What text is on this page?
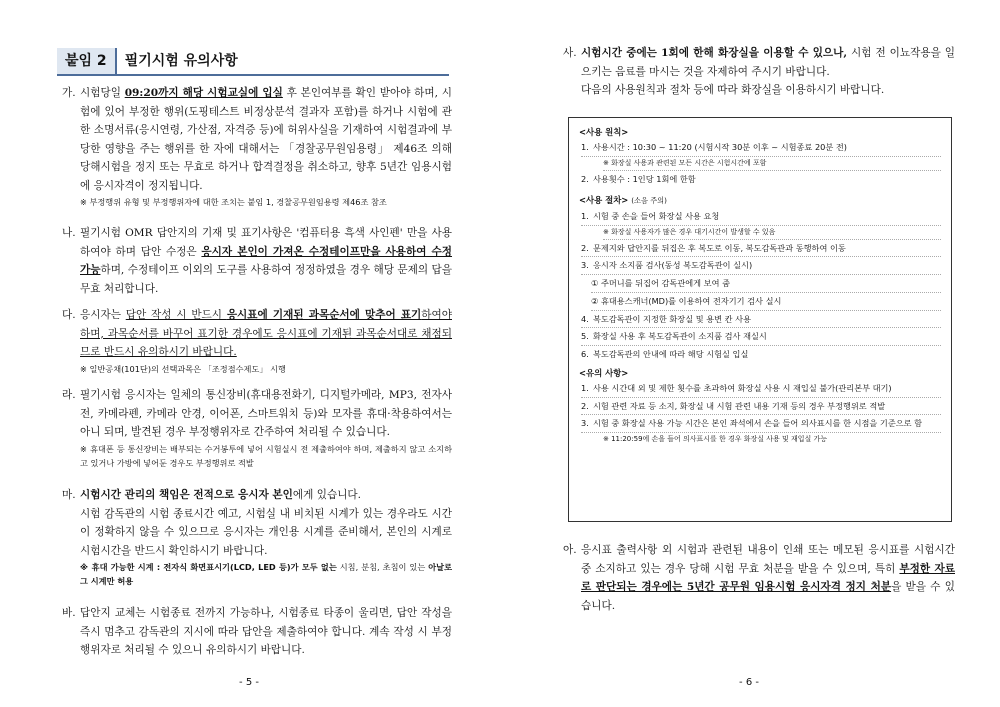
붙임 2	필기시험 유의사항
가. 시험당일 09:20까지 해당 시험교실에 입실 후 본인여부를 확인 받아야 하며, 시험에 있어 부정한 행위(도핑테스트 비정상분석 결과자 포함)를 하거나 시험에 관한 소명서류(응시연령, 가산점, 자격증 등)에 허위사실을 기재하여 시험결과에 부당한 영향을 주는 행위를 한 자에 대해서는 「경찰공무원임용령」 제46조 의해 당해시험을 정지 또는 무효로 하거나 합격결정을 취소하고, 향후 5년간 임용시험에 응시자격이 정지됩니다.
※ 부정행위 유형 및 부정행위자에 대한 조치는 붙임 1, 경찰공무원임용령 제46조 참조
나. 필기시험 OMR 답안지의 기재 및 표기사항은 '컴퓨터용 흑색 사인펜' 만을 사용하여야 하며 답안 수정은 응시자 본인이 가져온 수정테이프만을 사용하여 수정 가능하며, 수정테이프 이외의 도구를 사용하여 정정하였을 경우 해당 문제의 답을 무효 처리합니다.
다. 응시자는 답안 작성 시 반드시 응시표에 기재된 과목순서에 맞추어 표기하여야 하며, 과목순서를 바꾸어 표기한 경우에도 응시표에 기재된 과목순서대로 채점되므로 반드시 유의하시기 바랍니다.
※ 일반공채(101단)의 선택과목은 「조정점수제도」 시행
라. 필기시험 응시자는 일체의 통신장비(휴대용전화기, 디지털카메라, MP3, 전자사전, 카메라펜, 카메라 안경, 이어폰, 스마트워치 등)와 모자를 휴대·착용하여서는 아니 되며, 발견된 경우 부정행위자로 간주하여 처리될 수 있습니다.
※ 휴대폰 등 통신장비는 배부되는 수거봉투에 넣어 시험실시 전 제출하여야 하며, 제출하지 않고 소지하고 있거나 가방에 넣어둔 경우도 부정행위로 적발
마. 시험시간 관리의 책임은 전적으로 응시자 본인에게 있습니다.
시험 감독관의 시험 종료시간 예고, 시험실 내 비치된 시계가 있는 경우라도 시간이 정확하지 않을 수 있으므로 응시자는 개인용 시계를 준비해서, 본인의 시계로 시험시간을 반드시 확인하시기 바랍니다.
※ 휴대 가능한 시계 : 전자식 화면표시기(LCD, LED 등)가 모두 없는 시침, 분침, 초침이 있는 아날로그 시계만 허용
바. 답안지 교체는 시험종료 전까지 가능하나, 시험종료 타종이 울리면, 답안 작성을 즉시 멈추고 감독관의 지시에 따라 답안을 제출하여야 합니다. 계속 작성 시 부정행위자로 처리될 수 있으니 유의하시기 바랍니다.
- 5 -
사. 시험시간 중에는 1회에 한해 화장실을 이용할 수 있으나, 시험 전 이뇨작용을 일으키는 음료를 마시는 것을 자제하여 주시기 바랍니다.
다음의 사용원칙과 절차 등에 따라 화장실을 이용하시기 바랍니다.
<사용 원칙>
1. 사용시간 : 10:30 ~ 11:20 (시험시작 30분 이후 ~ 시험종료 20분 전)
※ 화장실 사용과 관련된 모든 시간은 시험시간에 포함
2. 사용횟수 : 1인당 1회에 한함
<사용 절차> (소음 주의)
1. 시험 중 손을 들어 화장실 사용 요청
※ 화장실 사용자가 많은 경우 대기시간이 발생할 수 있음
2. 문제지와 답안지를 뒤집은 후 복도로 이동, 복도감독관과 동행하여 이동
3. 응시자 소지품 검사(동성 복도감독관이 실시)
① 주머니를 뒤집어 감독관에게 보여 줌
② 휴대용스캐너(MD)를 이용하여 전자기기 검사 실시
4. 복도감독관이 지정한 화장실 및 용변 칸 사용
5. 화장실 사용 후 복도감독관이 소지품 검사 재실시
6. 복도감독관의 안내에 따라 해당 시험실 입실
<유의 사항>
1. 사용 시간대 외 및 제한 횟수를 초과하여 화장실 사용 시 재입실 불가(관리본부 대기)
2. 시험 관련 자료 등 소지, 화장실 내 시험 관련 내용 기재 등의 경우 부정행위로 적발
3. 시험 중 화장실 사용 가능 시간은 본인 좌석에서 손을 들어 의사표시를 한 시점을 기준으로 함
※ 11:20:59에 손을 들어 의사표시를 한 경우 화장실 사용 및 재입실 가능
아. 응시표 출력사항 외 시험과 관련된 내용이 인쇄 또는 메모된 응시표를 시험시간 중 소지하고 있는 경우 당해 시험 무효 처분을 받을 수 있으며, 특히 부정한 자료로 판단되는 경우에는 5년간 공무원 임용시험 응시자격 정지 처분을 받을 수 있습니다.
- 6 -
